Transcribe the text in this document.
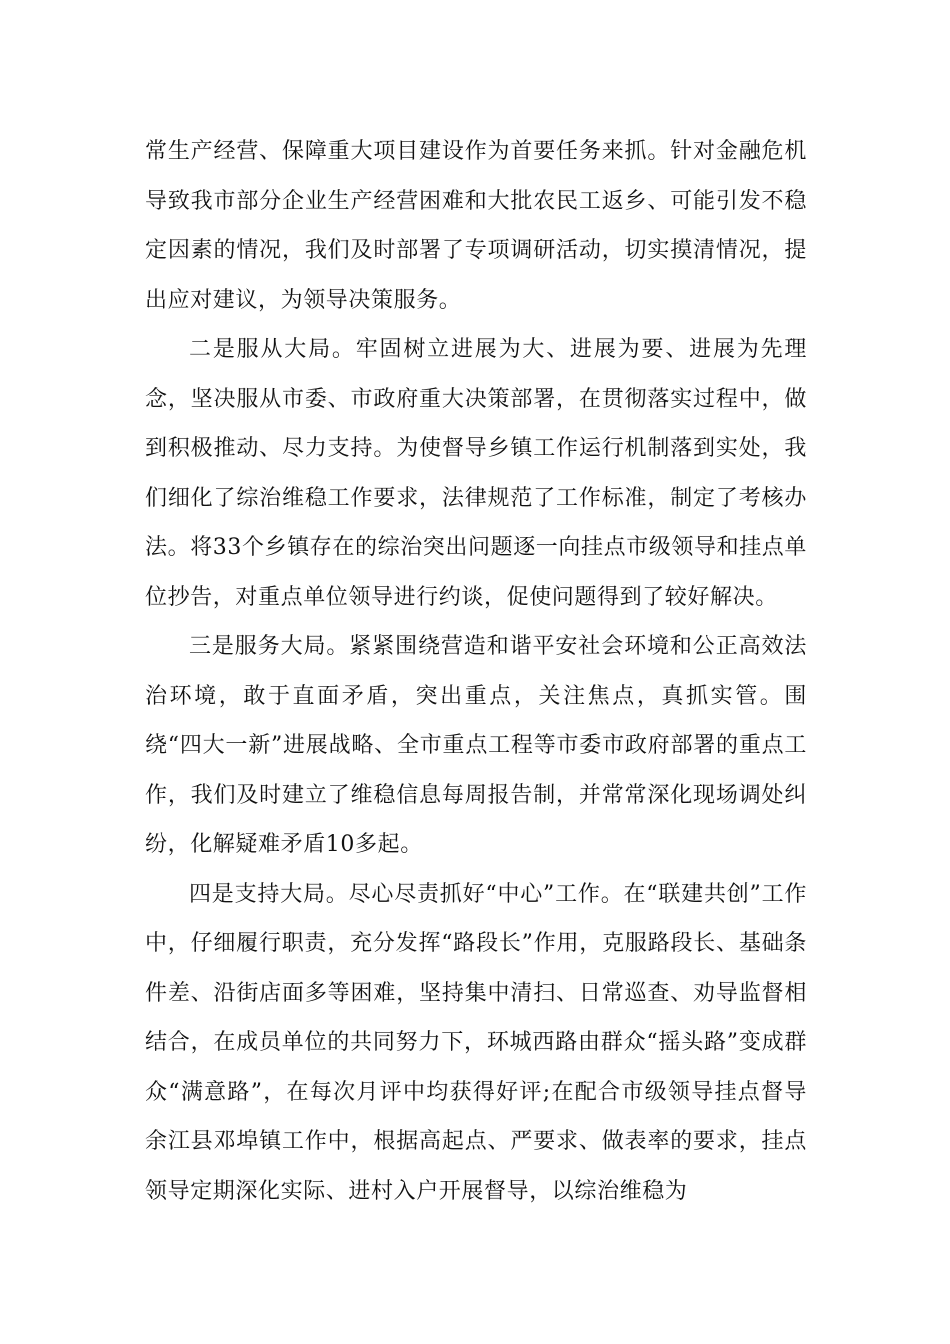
常生产经营、保障重大项目建设作为首要任务来抓。针对金融危机导致我市部分企业生产经营困难和大批农民工返乡、可能引发不稳定因素的情况，我们及时部署了专项调研活动，切实摸清情况，提出应对建议，为领导决策服务。

二是服从大局。牢固树立进展为大、进展为要、进展为先理念，坚决服从市委、市政府重大决策部署，在贯彻落实过程中，做到积极推动、尽力支持。为使督导乡镇工作运行机制落到实处，我们细化了综治维稳工作要求，法律规范了工作标准，制定了考核办法。将33个乡镇存在的综治突出问题逐一向挂点市级领导和挂点单位抄告，对重点单位领导进行约谈，促使问题得到了较好解决。

三是服务大局。紧紧围绕营造和谐平安社会环境和公正高效法治环境，敢于直面矛盾，突出重点，关注焦点，真抓实管。围绕“四大一新”进展战略、全市重点工程等市委市政府部署的重点工作，我们及时建立了维稳信息每周报告制，并常常深化现场调处纠纷，化解疑难矛盾10多起。

四是支持大局。尽心尽责抓好“中心”工作。在“联建共创”工作中，仔细履行职责，充分发挥“路段长”作用，克服路段长、基础条件差、沿街店面多等困难，坚持集中清扫、日常巡查、劝导监督相结合，在成员单位的共同努力下，环城西路由群众“摇头路”变成群众“满意路”，在每次月评中均获得好评;在配合市级领导挂点督导余江县邓埠镇工作中，根据高起点、严要求、做表率的要求，挂点领导定期深化实际、进村入户开展督导，以综治维稳为
